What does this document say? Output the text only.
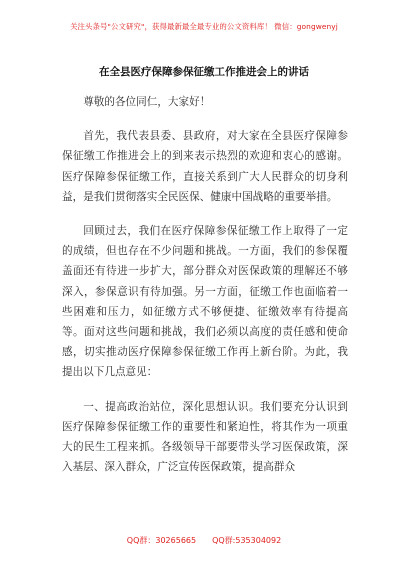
关注头条号"公文研究"，获得最新最全最专业的公文资料库！ 微信：gongwenyj
在全县医疗保障参保征缴工作推进会上的讲话

尊敬的各位同仁，大家好！

首先，我代表县委、县政府，对大家在全县医疗保障参保征缴工作推进会上的到来表示热烈的欢迎和衷心的感谢。医疗保障参保征缴工作，直接关系到广大人民群众的切身利益，是我们贯彻落实全民医保、健康中国战略的重要举措。

回顾过去，我们在医疗保障参保征缴工作上取得了一定的成绩，但也存在不少问题和挑战。一方面，我们的参保覆盖面还有待进一步扩大，部分群众对医保政策的理解还不够深入，参保意识有待加强。另一方面，征缴工作也面临着一些困难和压力，如征缴方式不够便捷、征缴效率有待提高等。面对这些问题和挑战，我们必须以高度的责任感和使命感，切实推动医疗保障参保征缴工作再上新台阶。为此，我提出以下几点意见：

一、提高政治站位，深化思想认识。我们要充分认识到医疗保障参保征缴工作的重要性和紧迫性，将其作为一项重大的民生工程来抓。各级领导干部要带头学习医保政策，深入基层、深入群众，广泛宣传医保政策，提高群众

QQ群：30265665 QQ群:535304092
